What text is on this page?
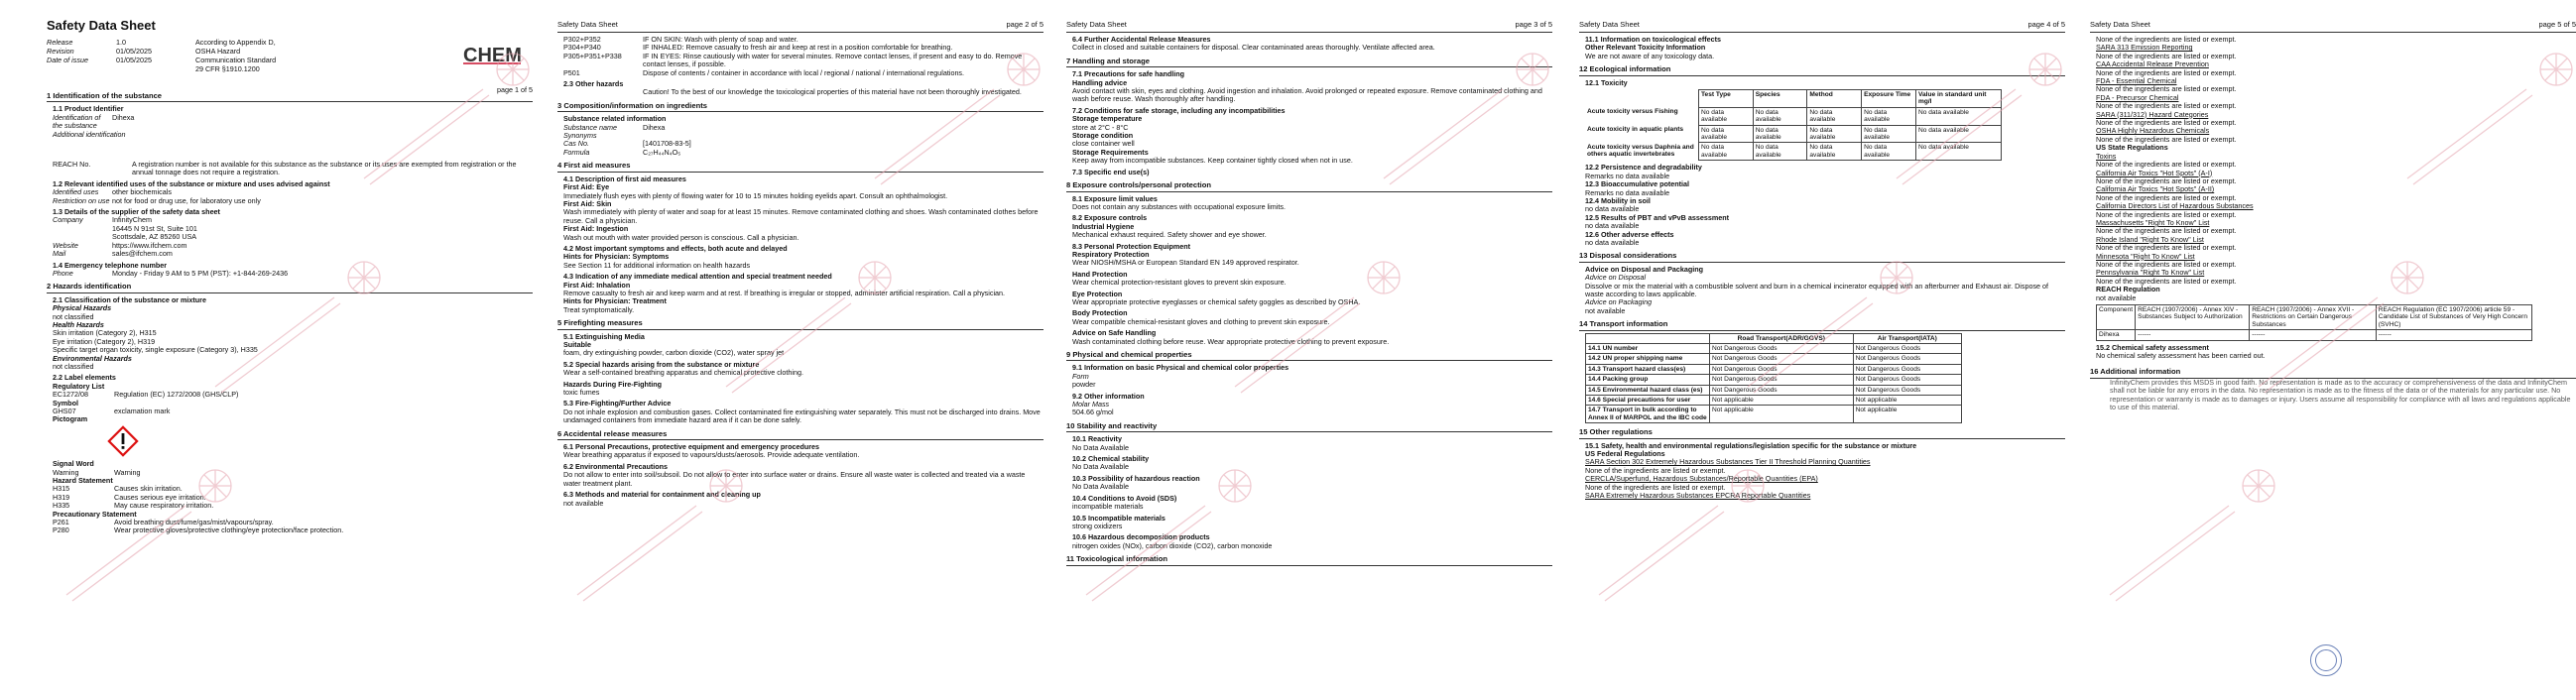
Safety Data Sheet
Release	1.0	According to Appendix D,
Revision	01/05/2025	OSHA Hazard
Date of issue	01/05/2025	Communication Standard
29 CFR §1910.1200
CHEM
page 1 of 5
1 Identification of the substance
1.1 Product Identifier
Identification of the substance
Dihexa
Additional identification
REACH No.	A registration number is not available for this substance as the substance or its uses are exempted from registration or the annual tonnage does not require a registration.
1.2 Relevant identified uses of the substance or mixture and uses advised against
Identified uses	other biochemicals
Restriction on use not for food or drug use, for laboratory use only
1.3 Details of the supplier of the safety data sheet
Company	InfinityChem
16445 N 91st St, Suite 101
Scottsdale, AZ 85260 USA
Website	https://www.ifchem.com
Mail	sales@ifchem.com
1.4 Emergency telephone number
Phone	Monday - Friday 9 AM to 5 PM (PST): +1-844-269-2436
2 Hazards identification
2.1 Classification of the substance or mixture
Physical Hazards
not classified
Health Hazards
Skin irritation (Category 2), H315
Eye irritation (Category 2), H319
Specific target organ toxicity, single exposure (Category 3), H335
Environmental Hazards
not classified
2.2 Label elements
Regulatory List
EC1272/08	Regulation (EC) 1272/2008 (GHS/CLP)
Symbol
GHS07	exclamation mark
Pictogram
Signal Word
Warning	Warning
Hazard Statement
H315	Causes skin irritation.
H319	Causes serious eye irritation.
H335	May cause respiratory irritation.
Precautionary Statement
P261	Avoid breathing dust/fume/gas/mist/vapours/spray.
P280	Wear protective gloves/protective clothing/eye protection/face protection.
Safety Data Sheet	page 2 of 5
P302+P352	IF ON SKIN: Wash with plenty of soap and water.
P304+P340	IF INHALED: Remove casualty to fresh air and keep at rest in a position comfortable for breathing.
P305+P351+P338	IF IN EYES: Rinse cautiously with water for several minutes. Remove contact lenses, if present and easy to do. Remove contact lenses, if possible.
P501	Dispose of contents / container in accordance with local / regional / national / international regulations.
2.3 Other hazards
Caution! To the best of our knowledge the toxicological properties of this material have not been thoroughly investigated.
3 Composition/information on ingredients
Substance related information
Substance name	Dihexa
Synonyms
Cas No.	[1401708-83-5]
Formula	C₂₇H₄₄N₄O₅
4 First aid measures
4.1 Description of first aid measures
First Aid: Eye
Immediately flush eyes with plenty of flowing water for 10 to 15 minutes holding eyelids apart. Consult an ophthalmologist.
First Aid: Skin
Wash immediately with plenty of water and soap for at least 15 minutes. Remove contaminated clothing and shoes. Wash contaminated clothes before reuse. Call a physician.
First Aid: Ingestion
Wash out mouth with water provided person is conscious. Call a physician.
4.2 Most important symptoms and effects, both acute and delayed
Hints for Physician: Symptoms
See Section 11 for additional information on health hazards
4.3 Indication of any immediate medical attention and special treatment needed
First Aid: Inhalation
Remove casualty to fresh air and keep warm and at rest. If breathing is irregular or stopped, administer artificial respiration. Call a physician.
Hints for Physician: Treatment
Treat symptomatically.
5 Firefighting measures
5.1 Extinguishing Media
Suitable
foam, dry extinguishing powder, carbon dioxide (CO2), water spray jet
5.2 Special hazards arising from the substance or mixture
Wear a self-contained breathing apparatus and chemical protective clothing.
Hazards During Fire-Fighting
toxic fumes
5.3 Fire-Fighting/Further Advice
Do not inhale explosion and combustion gases. Collect contaminated fire extinguishing water separately. This must not be discharged into drains. Move undamaged containers from immediate hazard area if it can be done safely.
6 Accidental release measures
6.1 Personal Precautions, protective equipment and emergency procedures
Wear breathing apparatus if exposed to vapours/dusts/aerosols. Provide adequate ventilation.
6.2 Environmental Precautions
Do not allow to enter into soil/subsoil. Do not allow to enter into surface water or drains. Ensure all waste water is collected and treated via a waste water treatment plant.
6.3 Methods and material for containment and cleaning up
not available
Safety Data Sheet	page 3 of 5
6.4 Further Accidental Release Measures
Collect in closed and suitable containers for disposal. Clear contaminated areas thoroughly. Ventilate affected area.
7 Handling and storage
7.1 Precautions for safe handling
Handling advice
Avoid contact with skin, eyes and clothing. Avoid ingestion and inhalation. Avoid prolonged or repeated exposure. Remove contaminated clothing and wash before reuse. Wash thoroughly after handling.
7.2 Conditions for safe storage, including any incompatibilities
Storage temperature
store at 2°C - 8°C
Storage condition
close container well
Storage Requirements
Keep away from incompatible substances. Keep container tightly closed when not in use.
7.3 Specific end use(s)
8 Exposure controls/personal protection
8.1 Exposure limit values
Does not contain any substances with occupational exposure limits.
8.2 Exposure controls
Industrial Hygiene
Mechanical exhaust required. Safety shower and eye shower.
8.3 Personal Protection Equipment
Respiratory Protection
Wear NIOSH/MSHA or European Standard EN 149 approved respirator.
Hand Protection
Wear chemical protection-resistant gloves to prevent skin exposure.
Eye Protection
Wear appropriate protective eyeglasses or chemical safety goggles as described by OSHA.
Body Protection
Wear compatible chemical-resistant gloves and clothing to prevent skin exposure.
Advice on Safe Handling
Wash contaminated clothing before reuse. Wear appropriate protective clothing to prevent exposure.
9 Physical and chemical properties
9.1 Information on basic Physical and chemical color properties
Form
powder
9.2 Other information
Molar Mass
504.66 g/mol
10 Stability and reactivity
10.1 Reactivity
No Data Available
10.2 Chemical stability
No Data Available
10.3 Possibility of hazardous reaction
No Data Available
10.4 Conditions to Avoid (SDS)
incompatible materials
10.5 Incompatible materials
strong oxidizers
10.6 Hazardous decomposition products
nitrogen oxides (NOx), carbon dioxide (CO2), carbon monoxide
11 Toxicological information
Safety Data Sheet	page 4 of 5
11.1 Information on toxicological effects
Other Relevant Toxicity Information
We are not aware of any toxicology data.
12 Ecological information
12.1 Toxicity
	Test Type	Species	Method	Exposure Time	Value in standard unit mg/l
Acute toxicity versus Fishing	No data available	No data available	No data available	No data available	No data available
Acute toxicity in aquatic plants	No data available	No data available	No data available	No data available	No data available
Acute toxicity versus Daphnia and others aquatic invertebrates	No data available	No data available	No data available	No data available	No data available
12.2 Persistence and degradability
Remarks no data available
12.3 Bioaccumulative potential
Remarks no data available
12.4 Mobility in soil
no data available
12.5 Results of PBT and vPvB assessment
no data available
12.6 Other adverse effects
no data available
13 Disposal considerations
Advice on Disposal and Packaging
Advice on Disposal
Dissolve or mix the material with a combustible solvent and burn in a chemical incinerator equipped with an afterburner and Exhaust air. Dispose of waste according to laws applicable.
Advice on Packaging
not available
14 Transport information
	Road Transport(ADR/GGVS)	Air Transport(IATA)
14.1 UN number	Not Dangerous Goods	Not Dangerous Goods
14.2 UN proper shipping name	Not Dangerous Goods	Not Dangerous Goods
14.3 Transport hazard class(es)	Not Dangerous Goods	Not Dangerous Goods
14.4 Packing group	Not Dangerous Goods	Not Dangerous Goods
14.5 Environmental hazard class (es)	Not Dangerous Goods	Not Dangerous Goods
14.6 Special precautions for user	Not applicable	Not applicable
14.7 Transport in bulk according to Annex II of MARPOL and the IBC code	Not applicable	Not applicable
15 Other regulations
15.1 Safety, health and environmental regulations/legislation specific for the substance or mixture
US Federal Regulations
SARA Section 302 Extremely Hazardous Substances Tier II Threshold Planning Quantities
None of the ingredients are listed or exempt.
CERCLA/Superfund, Hazardous Substances/Reportable Quantities (EPA)
None of the ingredients are listed or exempt.
SARA Extremely Hazardous Substances EPCRA Reportable Quantities
Safety Data Sheet	page 5 of 5
None of the ingredients are listed or exempt.
SARA 313 Emission Reporting
None of the ingredients are listed or exempt.
CAA Accidental Release Prevention
None of the ingredients are listed or exempt.
FDA - Essential Chemical
None of the ingredients are listed or exempt.
FDA - Precursor Chemical
None of the ingredients are listed or exempt.
SARA (311/312) Hazard Categories
None of the ingredients are listed or exempt.
OSHA Highly Hazardous Chemicals
None of the ingredients are listed or exempt.
US State Regulations
Toxins
None of the ingredients are listed or exempt.
California Air Toxics "Hot Spots" (A-I)
None of the ingredients are listed or exempt.
California Air Toxics "Hot Spots" (A-II)
None of the ingredients are listed or exempt.
California Directors List of Hazardous Substances
None of the ingredients are listed or exempt.
Massachusetts "Right To Know" List
None of the ingredients are listed or exempt.
Rhode Island "Right To Know" List
None of the ingredients are listed or exempt.
Minnesota "Right To Know" List
None of the ingredients are listed or exempt.
Pennsylvania "Right To Know" List
None of the ingredients are listed or exempt.
REACH Regulation
not available
Component	REACH (1907/2006) - Annex XIV - Substances Subject to Authorization	REACH (1907/2006) - Annex XVII - Restrictions on Certain Dangerous Substances	REACH Regulation (EC 1907/2006) article 59 - Candidate List of Substances of Very High Concern (SVHC)
Dihexa	------	------	------
15.2 Chemical safety assessment
No chemical safety assessment has been carried out.
16 Additional information
InfinityChem provides this MSDS in good faith. No representation is made as to the accuracy or comprehensiveness of the data and InfinityChem shall not be liable for any errors in the data. No representation is made as to the fitness of the data or of the materials for any particular use. No representation or warranty is made as to damages or injury. Users assume all responsibility for compliance with all laws and regulations applicable to use of this material.
